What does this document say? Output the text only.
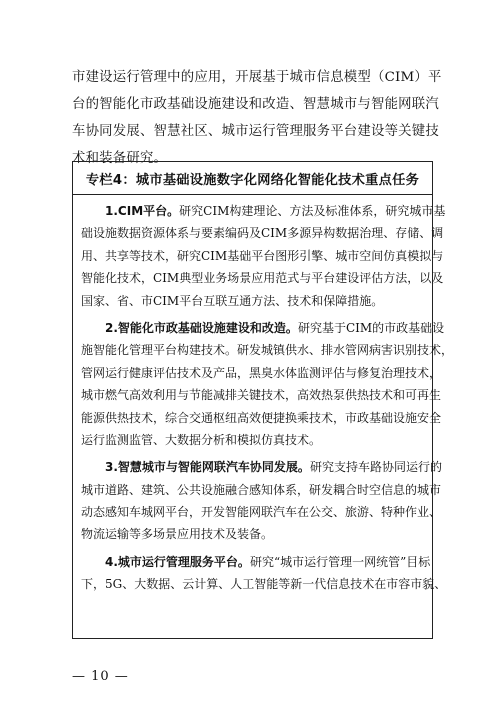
市建设运行管理中的应用，开展基于城市信息模型（CIM）平
台的智能化市政基础设施建设和改造、智慧城市与智能网联汽
车协同发展、智慧社区、城市运行管理服务平台建设等关键技
术和装备研究。
专栏4：城市基础设施数字化网络化智能化技术重点任务
　　1.CIM平台。研究CIM构建理论、方法及标准体系，研究城市基
础设施数据资源体系与要素编码及CIM多源异构数据治理、存储、调
用、共享等技术，研究CIM基础平台图形引擎、城市空间仿真模拟与
智能化技术，CIM典型业务场景应用范式与平台建设评估方法，以及
国家、省、市CIM平台互联互通方法、技术和保障措施。
　　2.智能化市政基础设施建设和改造。研究基于CIM的市政基础设
施智能化管理平台构建技术。研发城镇供水、排水管网病害识别技术，
管网运行健康评估技术及产品，黑臭水体监测评估与修复治理技术，
城市燃气高效利用与节能减排关键技术，高效热泵供热技术和可再生
能源供热技术，综合交通枢纽高效便捷换乘技术，市政基础设施安全
运行监测监管、大数据分析和模拟仿真技术。
　　3.智慧城市与智能网联汽车协同发展。研究支持车路协同运行的
城市道路、建筑、公共设施融合感知体系，研发耦合时空信息的城市
动态感知车城网平台，开发智能网联汽车在公交、旅游、特种作业、
物流运输等多场景应用技术及装备。
　　4.城市运行管理服务平台。研究“城市运行管理一网统管”目标
下，5G、大数据、云计算、人工智能等新一代信息技术在市容市貌、
— 10 —
